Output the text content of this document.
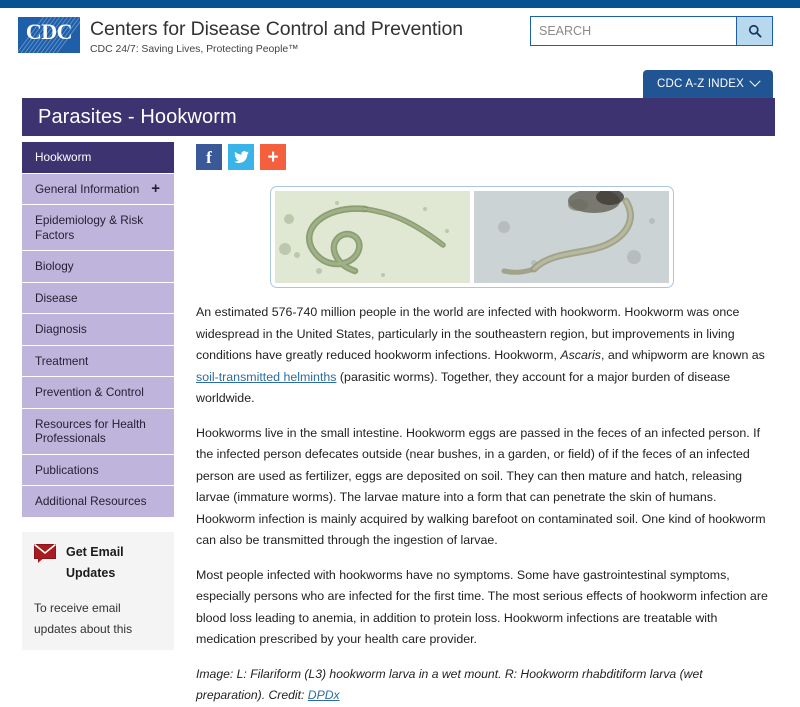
CDC Centers for Disease Control and Prevention
CDC 24/7: Saving Lives, Protecting People™
SEARCH
CDC A-Z INDEX
Parasites - Hookworm
Hookworm
General Information +
Epidemiology & Risk Factors
Biology
Disease
Diagnosis
Treatment
Prevention & Control
Resources for Health Professionals
Publications
Additional Resources
Get Email Updates
To receive email updates about this
f	+

An estimated 576-740 million people in the world are infected with hookworm. Hookworm was once widespread in the United States, particularly in the southeastern region, but improvements in living conditions have greatly reduced hookworm infections. Hookworm, Ascaris, and whipworm are known as soil-transmitted helminths (parasitic worms). Together, they account for a major burden of disease worldwide.

Hookworms live in the small intestine. Hookworm eggs are passed in the feces of an infected person. If the infected person defecates outside (near bushes, in a garden, or field) of if the feces of an infected person are used as fertilizer, eggs are deposited on soil. They can then mature and hatch, releasing larvae (immature worms). The larvae mature into a form that can penetrate the skin of humans. Hookworm infection is mainly acquired by walking barefoot on contaminated soil. One kind of hookworm can also be transmitted through the ingestion of larvae.

Most people infected with hookworms have no symptoms. Some have gastrointestinal symptoms, especially persons who are infected for the first time. The most serious effects of hookworm infection are blood loss leading to anemia, in addition to protein loss. Hookworm infections are treatable with medication prescribed by your health care provider.

Image: L: Filariform (L3) hookworm larva in a wet mount. R: Hookworm rhabditiform larva (wet preparation). Credit: DPDx
